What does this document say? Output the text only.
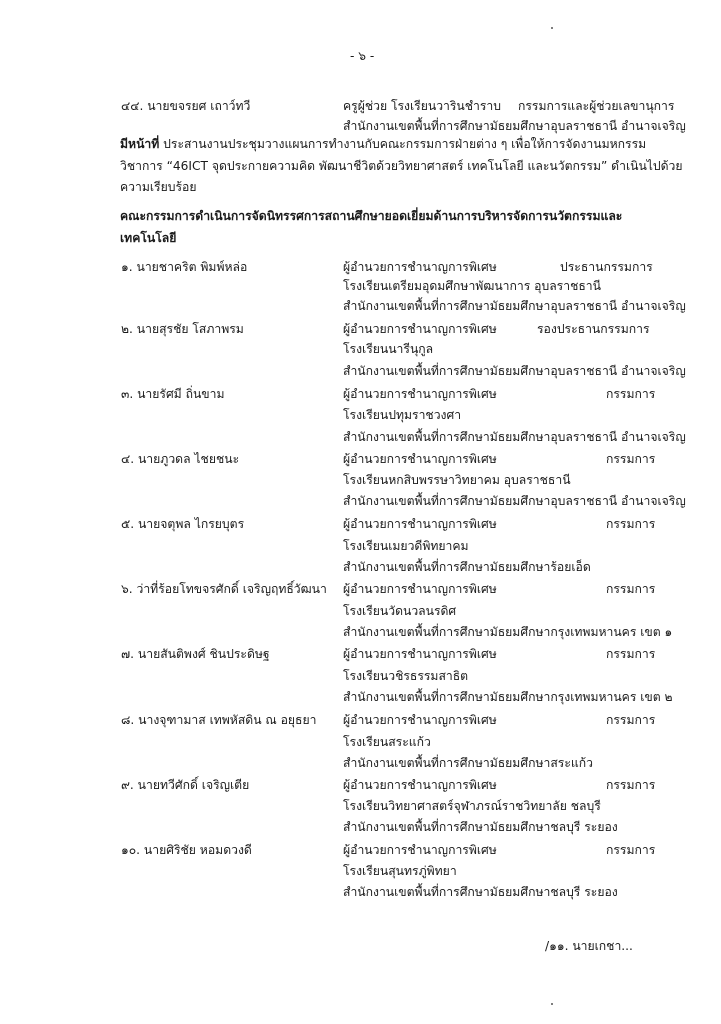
- ๖ -
๔๔. นายขจรยศ เถาว์ทวี	ครูผู้ช่วย โรงเรียนวารินชำราบ กรรมการและผู้ช่วยเลขานุการ
สำนักงานเขตพื้นที่การศึกษามัธยมศึกษาอุบลราชธานี อำนาจเจริญ
มีหน้าที่ ประสานงานประชุมวางแผนการทำงานกับคณะกรรมการฝ่ายต่าง ๆ เพื่อให้การจัดงานมหกรรม
วิชาการ “46ICT จุดประกายความคิด พัฒนาชีวิตด้วยวิทยาศาสตร์ เทคโนโลยี และนวัตกรรม” ดำเนินไปด้วย
ความเรียบร้อย
คณะกรรมการดำเนินการจัดนิทรรศการสถานศึกษายอดเยี่ยมด้านการบริหารจัดการนวัตกรรมและ
เทคโนโลยี
๑. นายชาคริต พิมพ์หล่อ	ผู้อำนวยการชำนาญการพิเศษ	ประธานกรรมการ
โรงเรียนเตรียมอุดมศึกษาพัฒนาการ อุบลราชธานี
สำนักงานเขตพื้นที่การศึกษามัธยมศึกษาอุบลราชธานี อำนาจเจริญ
๒. นายสุรชัย โสภาพรม	ผู้อำนวยการชำนาญการพิเศษ	รองประธานกรรมการ
โรงเรียนนารีนุกูล
สำนักงานเขตพื้นที่การศึกษามัธยมศึกษาอุบลราชธานี อำนาจเจริญ
๓. นายรัศมี ถิ่นขาม	ผู้อำนวยการชำนาญการพิเศษ	กรรมการ
โรงเรียนปทุมราชวงศา
สำนักงานเขตพื้นที่การศึกษามัธยมศึกษาอุบลราชธานี อำนาจเจริญ
๔. นายภูวดล ไชยชนะ	ผู้อำนวยการชำนาญการพิเศษ	กรรมการ
โรงเรียนหกสิบพรรษาวิทยาคม อุบลราชธานี
สำนักงานเขตพื้นที่การศึกษามัธยมศึกษาอุบลราชธานี อำนาจเจริญ
๕. นายจตุพล ไกรยบุตร	ผู้อำนวยการชำนาญการพิเศษ	กรรมการ
โรงเรียนเมยวดีพิทยาคม
สำนักงานเขตพื้นที่การศึกษามัธยมศึกษาร้อยเอ็ด
๖. ว่าที่ร้อยโทขจรศักดิ์ เจริญฤทธิ์วัฒนา ผู้อำนวยการชำนาญการพิเศษ	กรรมการ
โรงเรียนวัดนวลนรดิศ
สำนักงานเขตพื้นที่การศึกษามัธยมศึกษากรุงเทพมหานคร เขต ๑
๗. นายสันติพงศ์ ชินประดิษฐ	ผู้อำนวยการชำนาญการพิเศษ	กรรมการ
โรงเรียนวชิรธรรมสาธิต
สำนักงานเขตพื้นที่การศึกษามัธยมศึกษากรุงเทพมหานคร เขต ๒
๘. นางจุฑามาส เทพหัสดิน ณ อยุธยา ผู้อำนวยการชำนาญการพิเศษ	กรรมการ
โรงเรียนสระแก้ว
สำนักงานเขตพื้นที่การศึกษามัธยมศึกษาสระแก้ว
๙. นายทวีศักดิ์ เจริญเตีย	ผู้อำนวยการชำนาญการพิเศษ	กรรมการ
โรงเรียนวิทยาศาสตร์จุฬาภรณ์ราชวิทยาลัย ชลบุรี
สำนักงานเขตพื้นที่การศึกษามัธยมศึกษาชลบุรี ระยอง
๑๐. นายศิริชัย หอมดวงดี	ผู้อำนวยการชำนาญการพิเศษ	กรรมการ
โรงเรียนสุนทรภู่พิทยา
สำนักงานเขตพื้นที่การศึกษามัธยมศึกษาชลบุรี ระยอง
/๑๑. นายเกชา...
